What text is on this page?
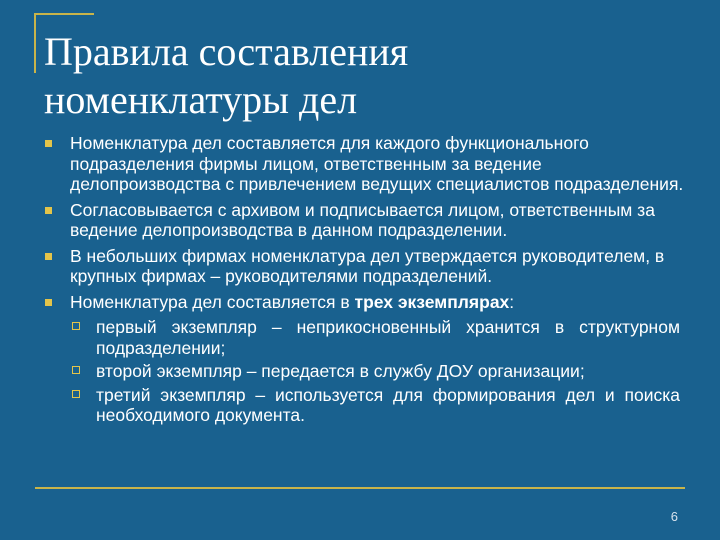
Правила составления
номенклатуры дел
Номенклатура дел составляется для каждого функционального подразделения фирмы лицом, ответственным за ведение делопроизводства с привлечением ведущих специалистов подразделения.
Согласовывается с архивом и подписывается лицом, ответственным за ведение делопроизводства в данном подразделении.
В небольших фирмах номенклатура дел утверждается руководителем, в крупных фирмах – руководителями подразделений.
Номенклатура дел составляется в трех экземплярах:
первый экземпляр – неприкосновенный хранится в структурном подразделении;
второй экземпляр – передается в службу ДОУ организации;
третий экземпляр – используется для формирования дел и поиска необходимого документа.
6
